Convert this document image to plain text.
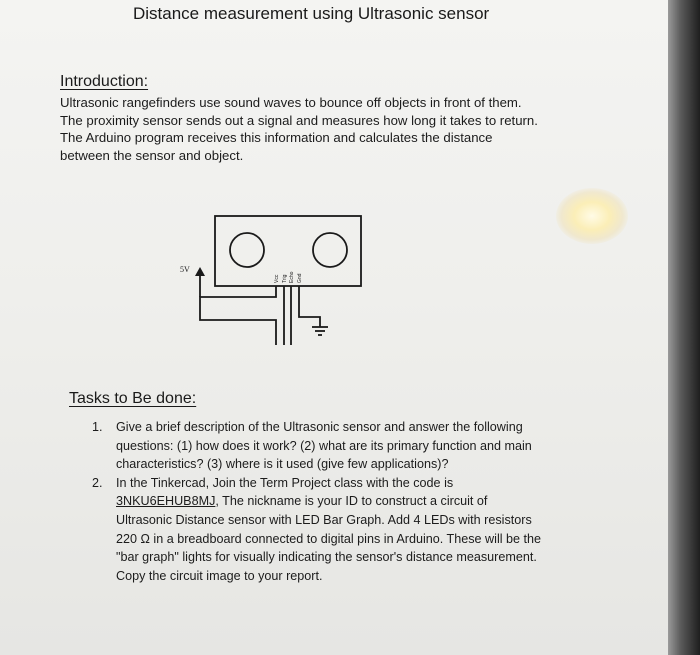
Distance measurement using Ultrasonic sensor
Introduction:
Ultrasonic rangefinders use sound waves to bounce off objects in front of them.
The proximity sensor sends out a signal and measures how long it takes to return.
The Arduino program receives this information and calculates the distance
between the sensor and object.
5V
Vcc Trig Echo Gnd
Tasks to Be done:
1. Give a brief description of the Ultrasonic sensor and answer the following
questions: (1) how does it work? (2) what are its primary function and main
characteristics? (3) where is it used (give few applications)?
2. In the Tinkercad, Join the Term Project class with the code is
3NKU6EHUB8MJ, The nickname is your ID to construct a circuit of
Ultrasonic Distance sensor with LED Bar Graph. Add 4 LEDs with resistors
220 Ω in a breadboard connected to digital pins in Arduino. These will be the
"bar graph" lights for visually indicating the sensor's distance measurement.
Copy the circuit image to your report.
